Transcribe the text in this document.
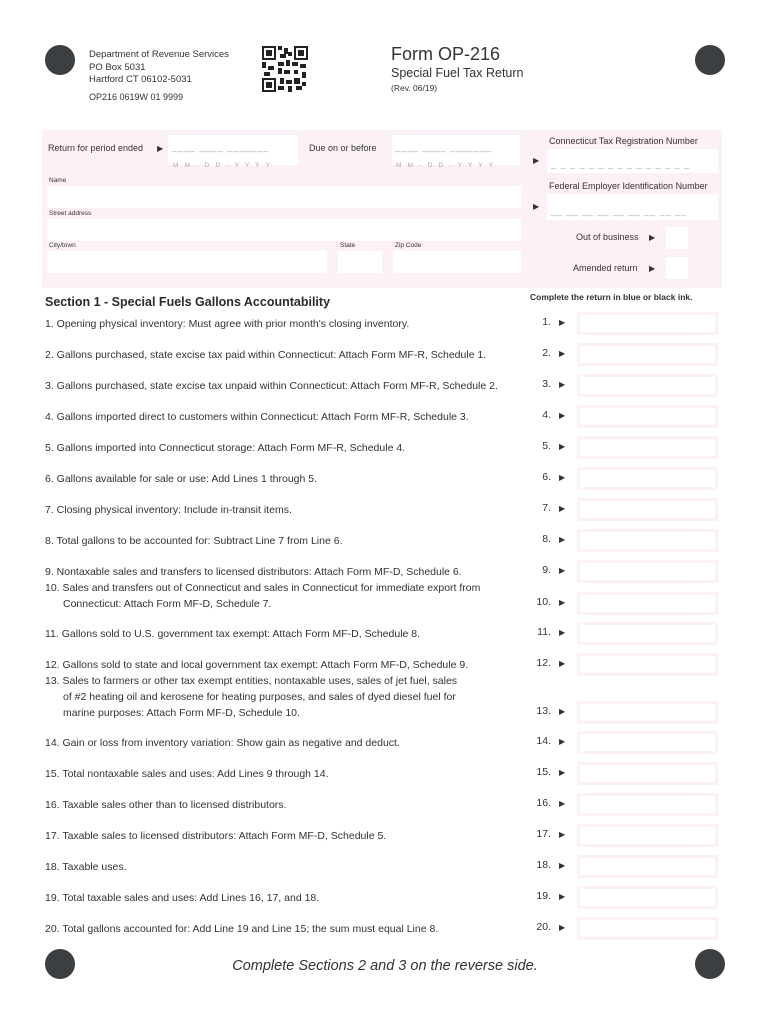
Department of Revenue Services
PO Box 5031
Hartford CT 06102-5031
OP216 0619W 01 9999
Form OP-216
Special Fuel Tax Return
(Rev. 06/19)
Return for period ended ▶ ____ ____ _______
M M - D D - Y Y Y Y
Due on or before ____ ____ _______
M M - D D - Y Y Y Y
Name
Street address
City/town	State	Zip Code
Connecticut Tax Registration Number
▶ _ _ _ _ _ _ _ _ _ _ _ _ _ _ _
Federal Employer Identification Number
▶ __ __ __ __ __ __ __ __ __
Out of business ▶
Amended return ▶
Section 1 - Special Fuels Gallons Accountability	Complete the return in blue or black ink.
1. Opening physical inventory: Must agree with prior month's closing inventory.	1. ▶
2. Gallons purchased, state excise tax paid within Connecticut: Attach Form MF-R, Schedule 1.	2. ▶
3. Gallons purchased, state excise tax unpaid within Connecticut: Attach Form MF-R, Schedule 2.	3. ▶
4. Gallons imported direct to customers within Connecticut: Attach Form MF-R, Schedule 3.	4. ▶
5. Gallons imported into Connecticut storage: Attach Form MF-R, Schedule 4.	5. ▶
6. Gallons available for sale or use: Add Lines 1 through 5.	6. ▶
7. Closing physical inventory: Include in-transit items.	7. ▶
8. Total gallons to be accounted for: Subtract Line 7 from Line 6.	8. ▶
9. Nontaxable sales and transfers to licensed distributors: Attach Form MF-D, Schedule 6.	9. ▶
10. Sales and transfers out of Connecticut and sales in Connecticut for immediate export from
Connecticut: Attach Form MF-D, Schedule 7.	10. ▶
11. Gallons sold to U.S. government tax exempt: Attach Form MF-D, Schedule 8.	11. ▶
12. Gallons sold to state and local government tax exempt: Attach Form MF-D, Schedule 9.	12. ▶
13. Sales to farmers or other tax exempt entities, nontaxable uses, sales of jet fuel, sales
of #2 heating oil and kerosene for heating purposes, and sales of dyed diesel fuel for
marine purposes: Attach Form MF-D, Schedule 10.	13. ▶
14. Gain or loss from inventory variation: Show gain as negative and deduct.	14. ▶
15. Total nontaxable sales and uses: Add Lines 9 through 14.	15. ▶
16. Taxable sales other than to licensed distributors.	16. ▶
17. Taxable sales to licensed distributors: Attach Form MF-D, Schedule 5.	17. ▶
18. Taxable uses.	18. ▶
19. Total taxable sales and uses: Add Lines 16, 17, and 18.	19. ▶
20. Total gallons accounted for: Add Line 19 and Line 15; the sum must equal Line 8.	20. ▶
Complete Sections 2 and 3 on the reverse side.
